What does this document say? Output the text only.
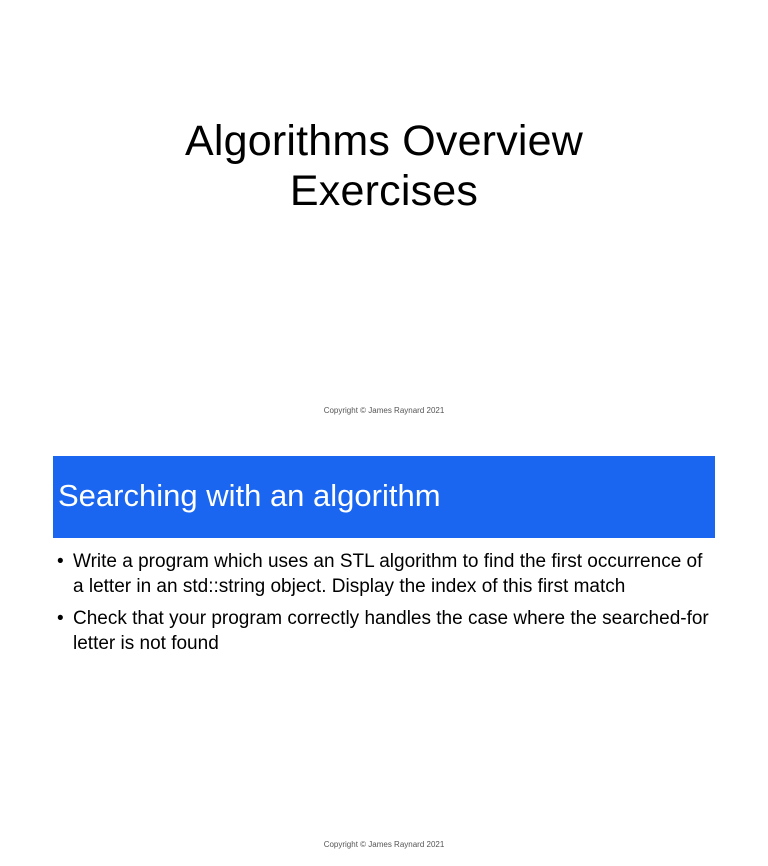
Algorithms Overview
Exercises
Copyright © James Raynard 2021
Searching with an algorithm
• Write a program which uses an STL algorithm to find the first occurrence of a letter in an std::string object. Display the index of this first match
• Check that your program correctly handles the case where the searched-for letter is not found
Copyright © James Raynard 2021
